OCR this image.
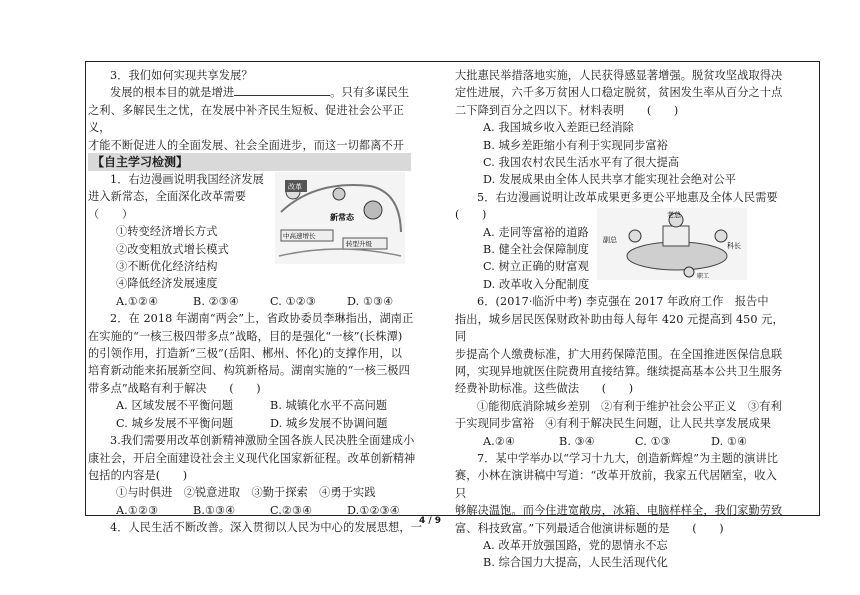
3．我们如何实现共享发展？

发展的根本目的就是增进	。只有多谋民生

之利、多解民生之忧，在发展中补齐民生短板、促进社会公平正义，

才能不断促进人的全面发展、社会全面进步，而这一切都离不开

【自主学习检测】

1．右边漫画说明我国经济发展

进入新常态，全面深化改革需要

（　　）

①转变经济增长方式

②改变粗放式增长模式

③不断优化经济结构

④降低经济发展速度

A.①②④	B. ②③④	C. ①②③	D. ①③④

2．在 2018 年湖南“两会”上，省政协委员李琳指出，湖南正

在实施的“一核三极四带多点”战略，目的是强化“一核”(长株潭)

的引领作用，打造新“三极”(岳阳、郴州、怀化)的支撑作用，以

培育新动能来拓展新空间、构筑新格局。湖南实施的“一核三极四

带多点”战略有利于解决　　(　　)

A. 区域发展不平衡问题	B. 城镇化水平不高问题
C. 城乡发展不平衡问题	D. 城乡发展不协调问题

3.我们需要用改革创新精神激励全国各族人民决胜全面建成小

康社会，开启全面建设社会主义现代化国家新征程。改革创新精神

包括的内容是(　　)

①与时俱进　②锐意进取　③勤于探索　④勇于实践

A.①②③	B.①③④	C.②③④	D.①②③④

4．人民生活不断改善。深入贯彻以人民为中心的发展思想，一

改革
新常态
中高速增长
转型升级

大批惠民举措落地实施，人民获得感显著增强。脱贫攻坚战取得决

定性进展，六千多万贫困人口稳定脱贫，贫困发生率从百分之十点

二下降到百分之四以下。材料表明　　(　　)

A. 我国城乡收入差距已经消除

B. 城乡差距缩小有利于实现同步富裕

C. 我国农村农民生活水平有了很大提高

D. 发展成果由全体人民共享才能实现社会绝对公平

5．右边漫画说明让改革成果更多更公平地惠及全体人民需要

(　　)

A. 走同等富裕的道路

B. 健全社会保障制度

C. 树立正确的财富观

D. 改革收入分配制度

6．(2017·临沂中考) 李克强在 2017 年政府工作　报告中

指出，城乡居民医保财政补助由每人每年 420 元提高到 450 元，同

步提高个人缴费标准，扩大用药保障范围。在全国推进医保信息联

网，实现异地就医住院费用直接结算。继续提高基本公共卫生服务

经费补助标准。这些做法　　(　　)

①能彻底消除城乡差别　②有利于维护社会公平正义　③有利

于实现同步富裕　④有利于解决民生问题，让人民共享发展成果

A.②④	B. ③④	C. ①③	D. ①④

7．某中学举办以“学习十九大，创造新辉煌”为主题的演讲比

赛，小林在演讲稿中写道：“改革开放前，我家五代居陋室，收入只

够解决温饱。而今住进宽敞房，冰箱、电脑样样全，我们家勤劳致

富、科技致富。”下列最适合他演讲标题的是　　(　　)

A. 改革开放强国路，党的恩情永不忘

B. 综合国力大提高，人民生活现代化

老总
副总
科长
职工
4 / 9
